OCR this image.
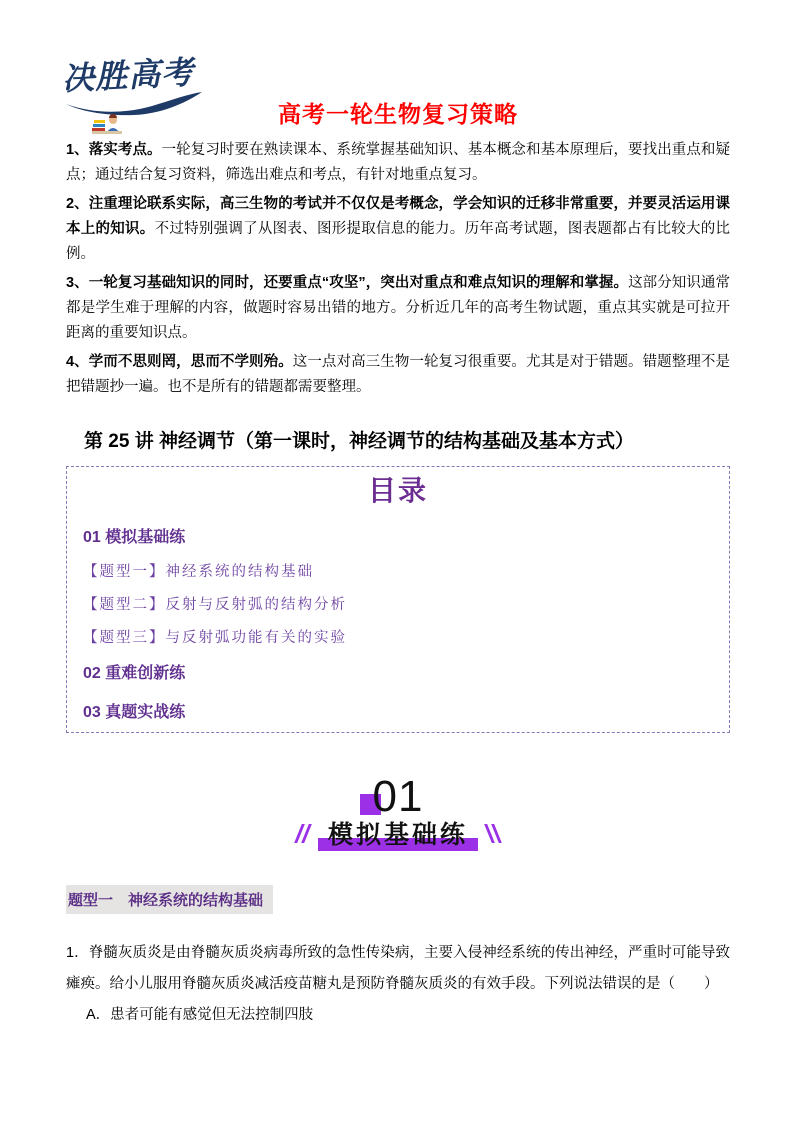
决胜高考
高考一轮生物复习策略

1、落实考点。一轮复习时要在熟读课本、系统掌握基础知识、基本概念和基本原理后，要找出重点和疑点；通过结合复习资料，筛选出难点和考点，有针对地重点复习。

2、注重理论联系实际，高三生物的考试并不仅仅是考概念，学会知识的迁移非常重要，并要灵活运用课本上的知识。不过特别强调了从图表、图形提取信息的能力。历年高考试题，图表题都占有比较大的比例。

3、一轮复习基础知识的同时，还要重点“攻坚”，突出对重点和难点知识的理解和掌握。这部分知识通常都是学生难于理解的内容，做题时容易出错的地方。分析近几年的高考生物试题，重点其实就是可拉开距离的重要知识点。

4、学而不思则罔，思而不学则殆。这一点对高三生物一轮复习很重要。尤其是对于错题。错题整理不是把错题抄一遍。也不是所有的错题都需要整理。

第 25 讲 神经调节（第一课时，神经调节的结构基础及基本方式）
目录
01 模拟基础练
【题型一】神经系统的结构基础
【题型二】反射与反射弧的结构分析
【题型三】与反射弧功能有关的实验
02 重难创新练
03 真题实战练
01
模拟基础练
题型一　神经系统的结构基础

1．脊髓灰质炎是由脊髓灰质炎病毒所致的急性传染病，主要入侵神经系统的传出神经，严重时可能导致瘫痪。给小儿服用脊髓灰质炎减活疫苗糖丸是预防脊髓灰质炎的有效手段。下列说法错误的是（　　）

A．患者可能有感觉但无法控制四肢
